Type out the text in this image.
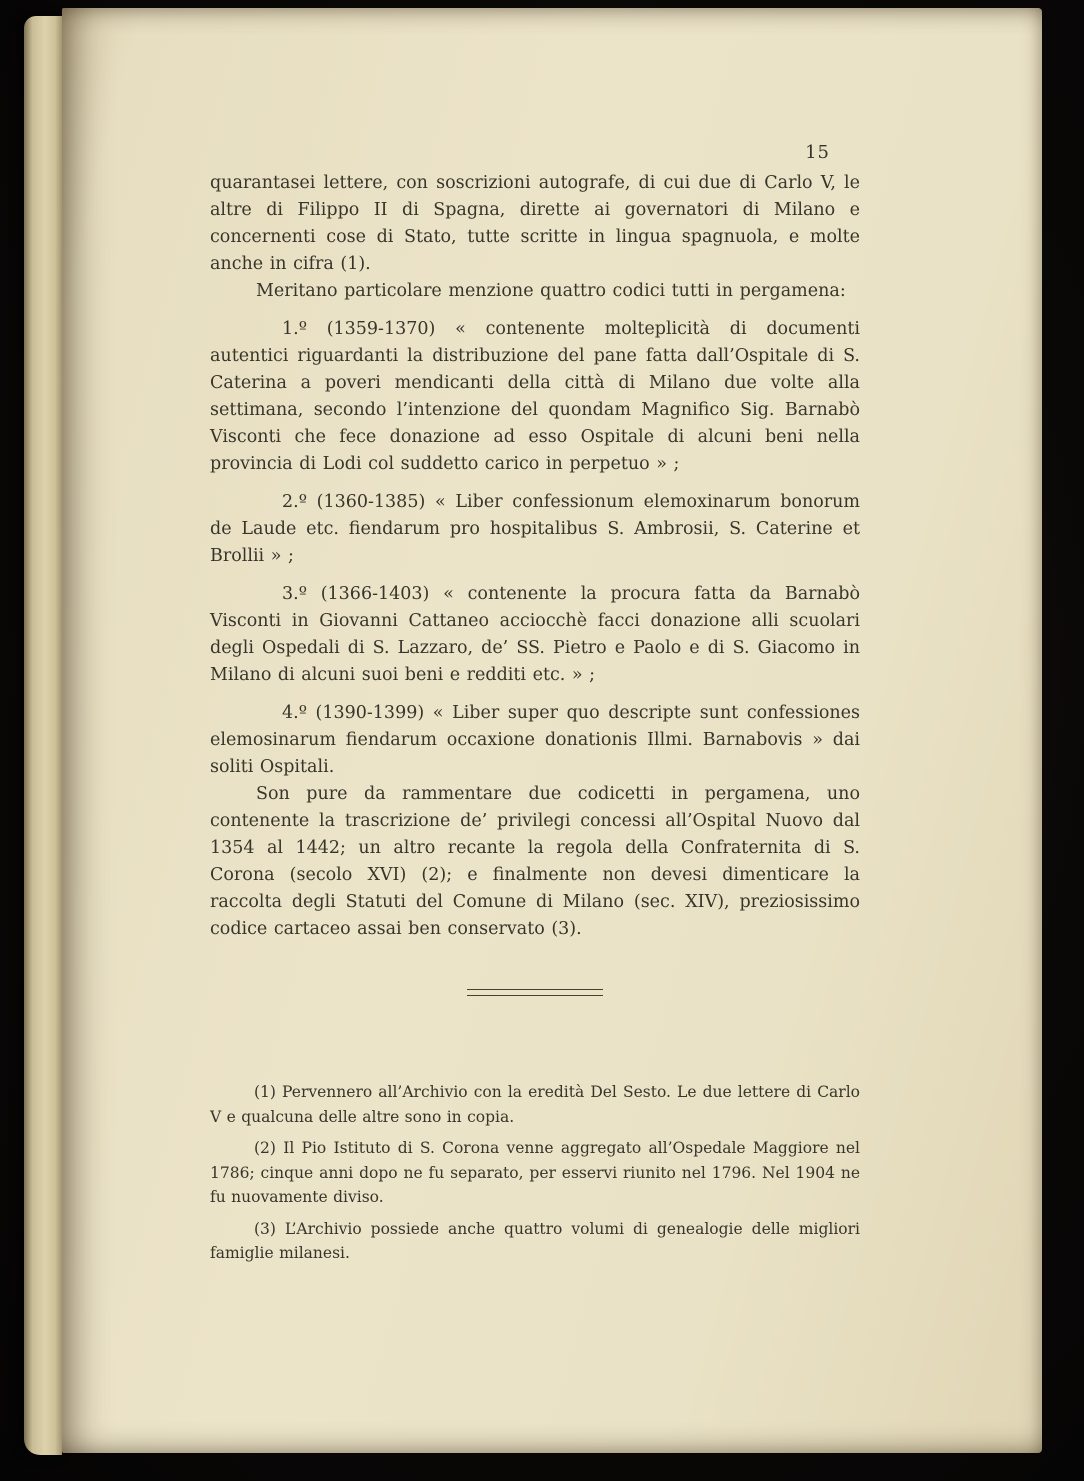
15

quarantasei lettere, con soscrizioni autografe, di cui due di Carlo V, le altre di Filippo II di Spagna, dirette ai governatori di Milano e concernenti cose di Stato, tutte scritte in lingua spagnuola, e molte anche in cifra (1).

Meritano particolare menzione quattro codici tutti in pergamena:

1.º (1359-1370) « contenente molteplicità di documenti autentici riguardanti la distribuzione del pane fatta dall’Ospitale di S. Caterina a poveri mendicanti della città di Milano due volte alla settimana, secondo l’intenzione del quondam Magnifico Sig. Barnabò Visconti che fece donazione ad esso Ospitale di alcuni beni nella provincia di Lodi col suddetto carico in perpetuo » ;

2.º (1360-1385) « Liber confessionum elemoxinarum bonorum de Laude etc. fiendarum pro hospitalibus S. Ambrosii, S. Caterine et Brollii » ;

3.º (1366-1403) « contenente la procura fatta da Barnabò Visconti in Giovanni Cattaneo acciocchè facci donazione alli scuolari degli Ospedali di S. Lazzaro, de’ SS. Pietro e Paolo e di S. Giacomo in Milano di alcuni suoi beni e redditi etc. » ;

4.º (1390-1399) « Liber super quo descripte sunt confessiones elemosinarum fiendarum occaxione donationis Illmi. Barnabovis » dai soliti Ospitali.

Son pure da rammentare due codicetti in pergamena, uno contenente la trascrizione de’ privilegi concessi all’Ospital Nuovo dal 1354 al 1442; un altro recante la regola della Confraternita di S. Corona (secolo XVI) (2); e finalmente non devesi dimenticare la raccolta degli Statuti del Comune di Milano (sec. XIV), preziosissimo codice cartaceo assai ben conservato (3).

(1) Pervennero all’Archivio con la eredità Del Sesto. Le due lettere di Carlo V e qualcuna delle altre sono in copia.

(2) Il Pio Istituto di S. Corona venne aggregato all’Ospedale Maggiore nel 1786; cinque anni dopo ne fu separato, per esservi riunito nel 1796. Nel 1904 ne fu nuovamente diviso.

(3) L’Archivio possiede anche quattro volumi di genealogie delle migliori famiglie milanesi.
